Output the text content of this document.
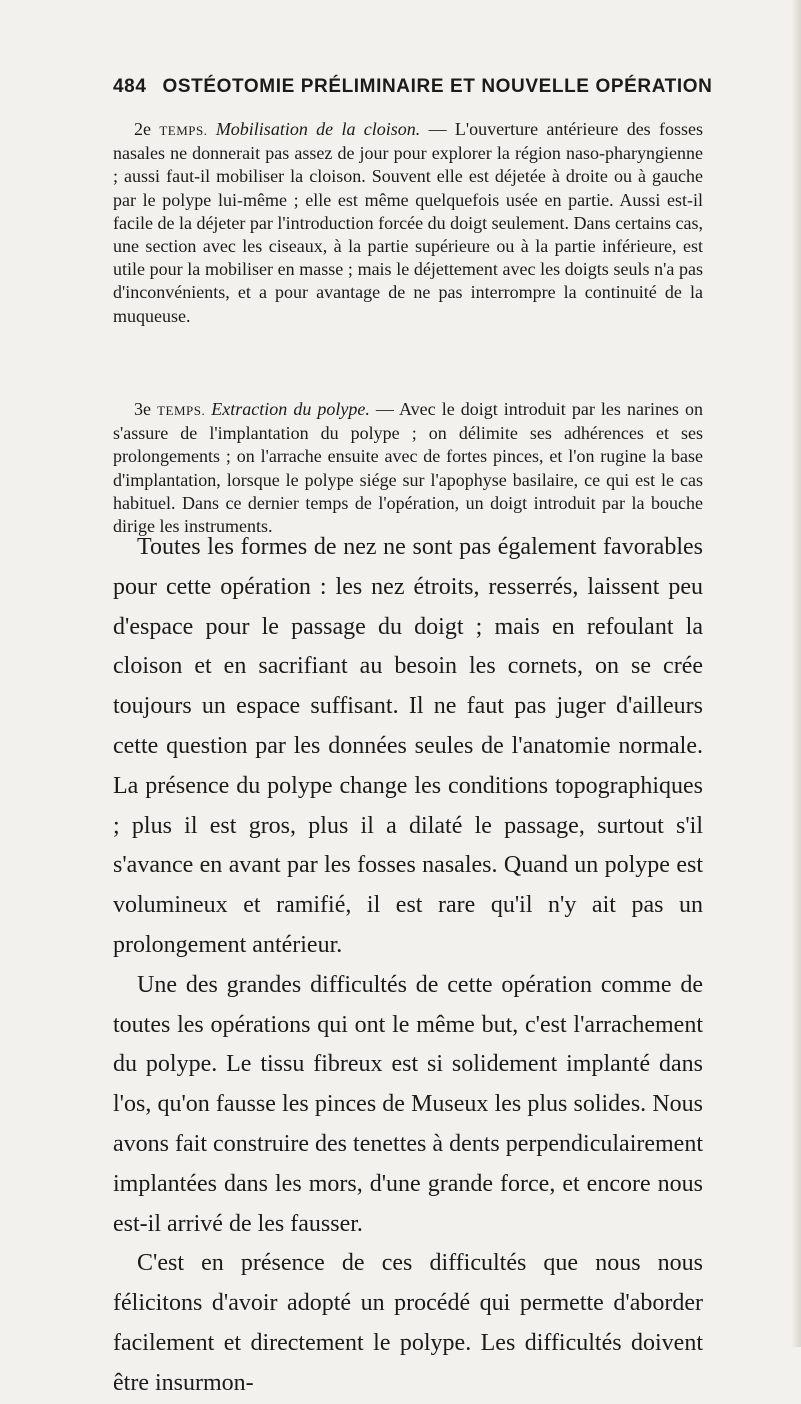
484 OSTÉOTOMIE PRÉLIMINAIRE ET NOUVELLE OPÉRATION

2e TEMPS. Mobilisation de la cloison. — L'ouverture antérieure des fosses nasales ne donnerait pas assez de jour pour explorer la région naso-pharyngienne ; aussi faut-il mobiliser la cloison. Souvent elle est déjetée à droite ou à gauche par le polype lui-même ; elle est même quelquefois usée en partie. Aussi est-il facile de la déjeter par l'introduction forcée du doigt seulement. Dans certains cas, une section avec les ciseaux, à la partie supérieure ou à la partie inférieure, est utile pour la mobiliser en masse ; mais le déjettement avec les doigts seuls n'a pas d'inconvénients, et a pour avantage de ne pas interrompre la continuité de la muqueuse.

3e TEMPS. Extraction du polype. — Avec le doigt introduit par les narines on s'assure de l'implantation du polype ; on délimite ses adhérences et ses prolongements ; on l'arrache ensuite avec de fortes pinces, et l'on rugine la base d'implantation, lorsque le polype siége sur l'apophyse basilaire, ce qui est le cas habituel. Dans ce dernier temps de l'opération, un doigt introduit par la bouche dirige les instruments.

Toutes les formes de nez ne sont pas également favorables pour cette opération : les nez étroits, resserrés, laissent peu d'espace pour le passage du doigt ; mais en refoulant la cloison et en sacrifiant au besoin les cornets, on se crée toujours un espace suffisant. Il ne faut pas juger d'ailleurs cette question par les données seules de l'anatomie normale. La présence du polype change les conditions topographiques ; plus il est gros, plus il a dilaté le passage, surtout s'il s'avance en avant par les fosses nasales. Quand un polype est volumineux et ramifié, il est rare qu'il n'y ait pas un prolongement antérieur.

Une des grandes difficultés de cette opération comme de toutes les opérations qui ont le même but, c'est l'arrachement du polype. Le tissu fibreux est si solidement implanté dans l'os, qu'on fausse les pinces de Museux les plus solides. Nous avons fait construire des tenettes à dents perpendiculairement implantées dans les mors, d'une grande force, et encore nous est-il arrivé de les fausser.

C'est en présence de ces difficultés que nous nous félicitons d'avoir adopté un procédé qui permette d'aborder facilement et directement le polype. Les difficultés doivent être insurmon-
